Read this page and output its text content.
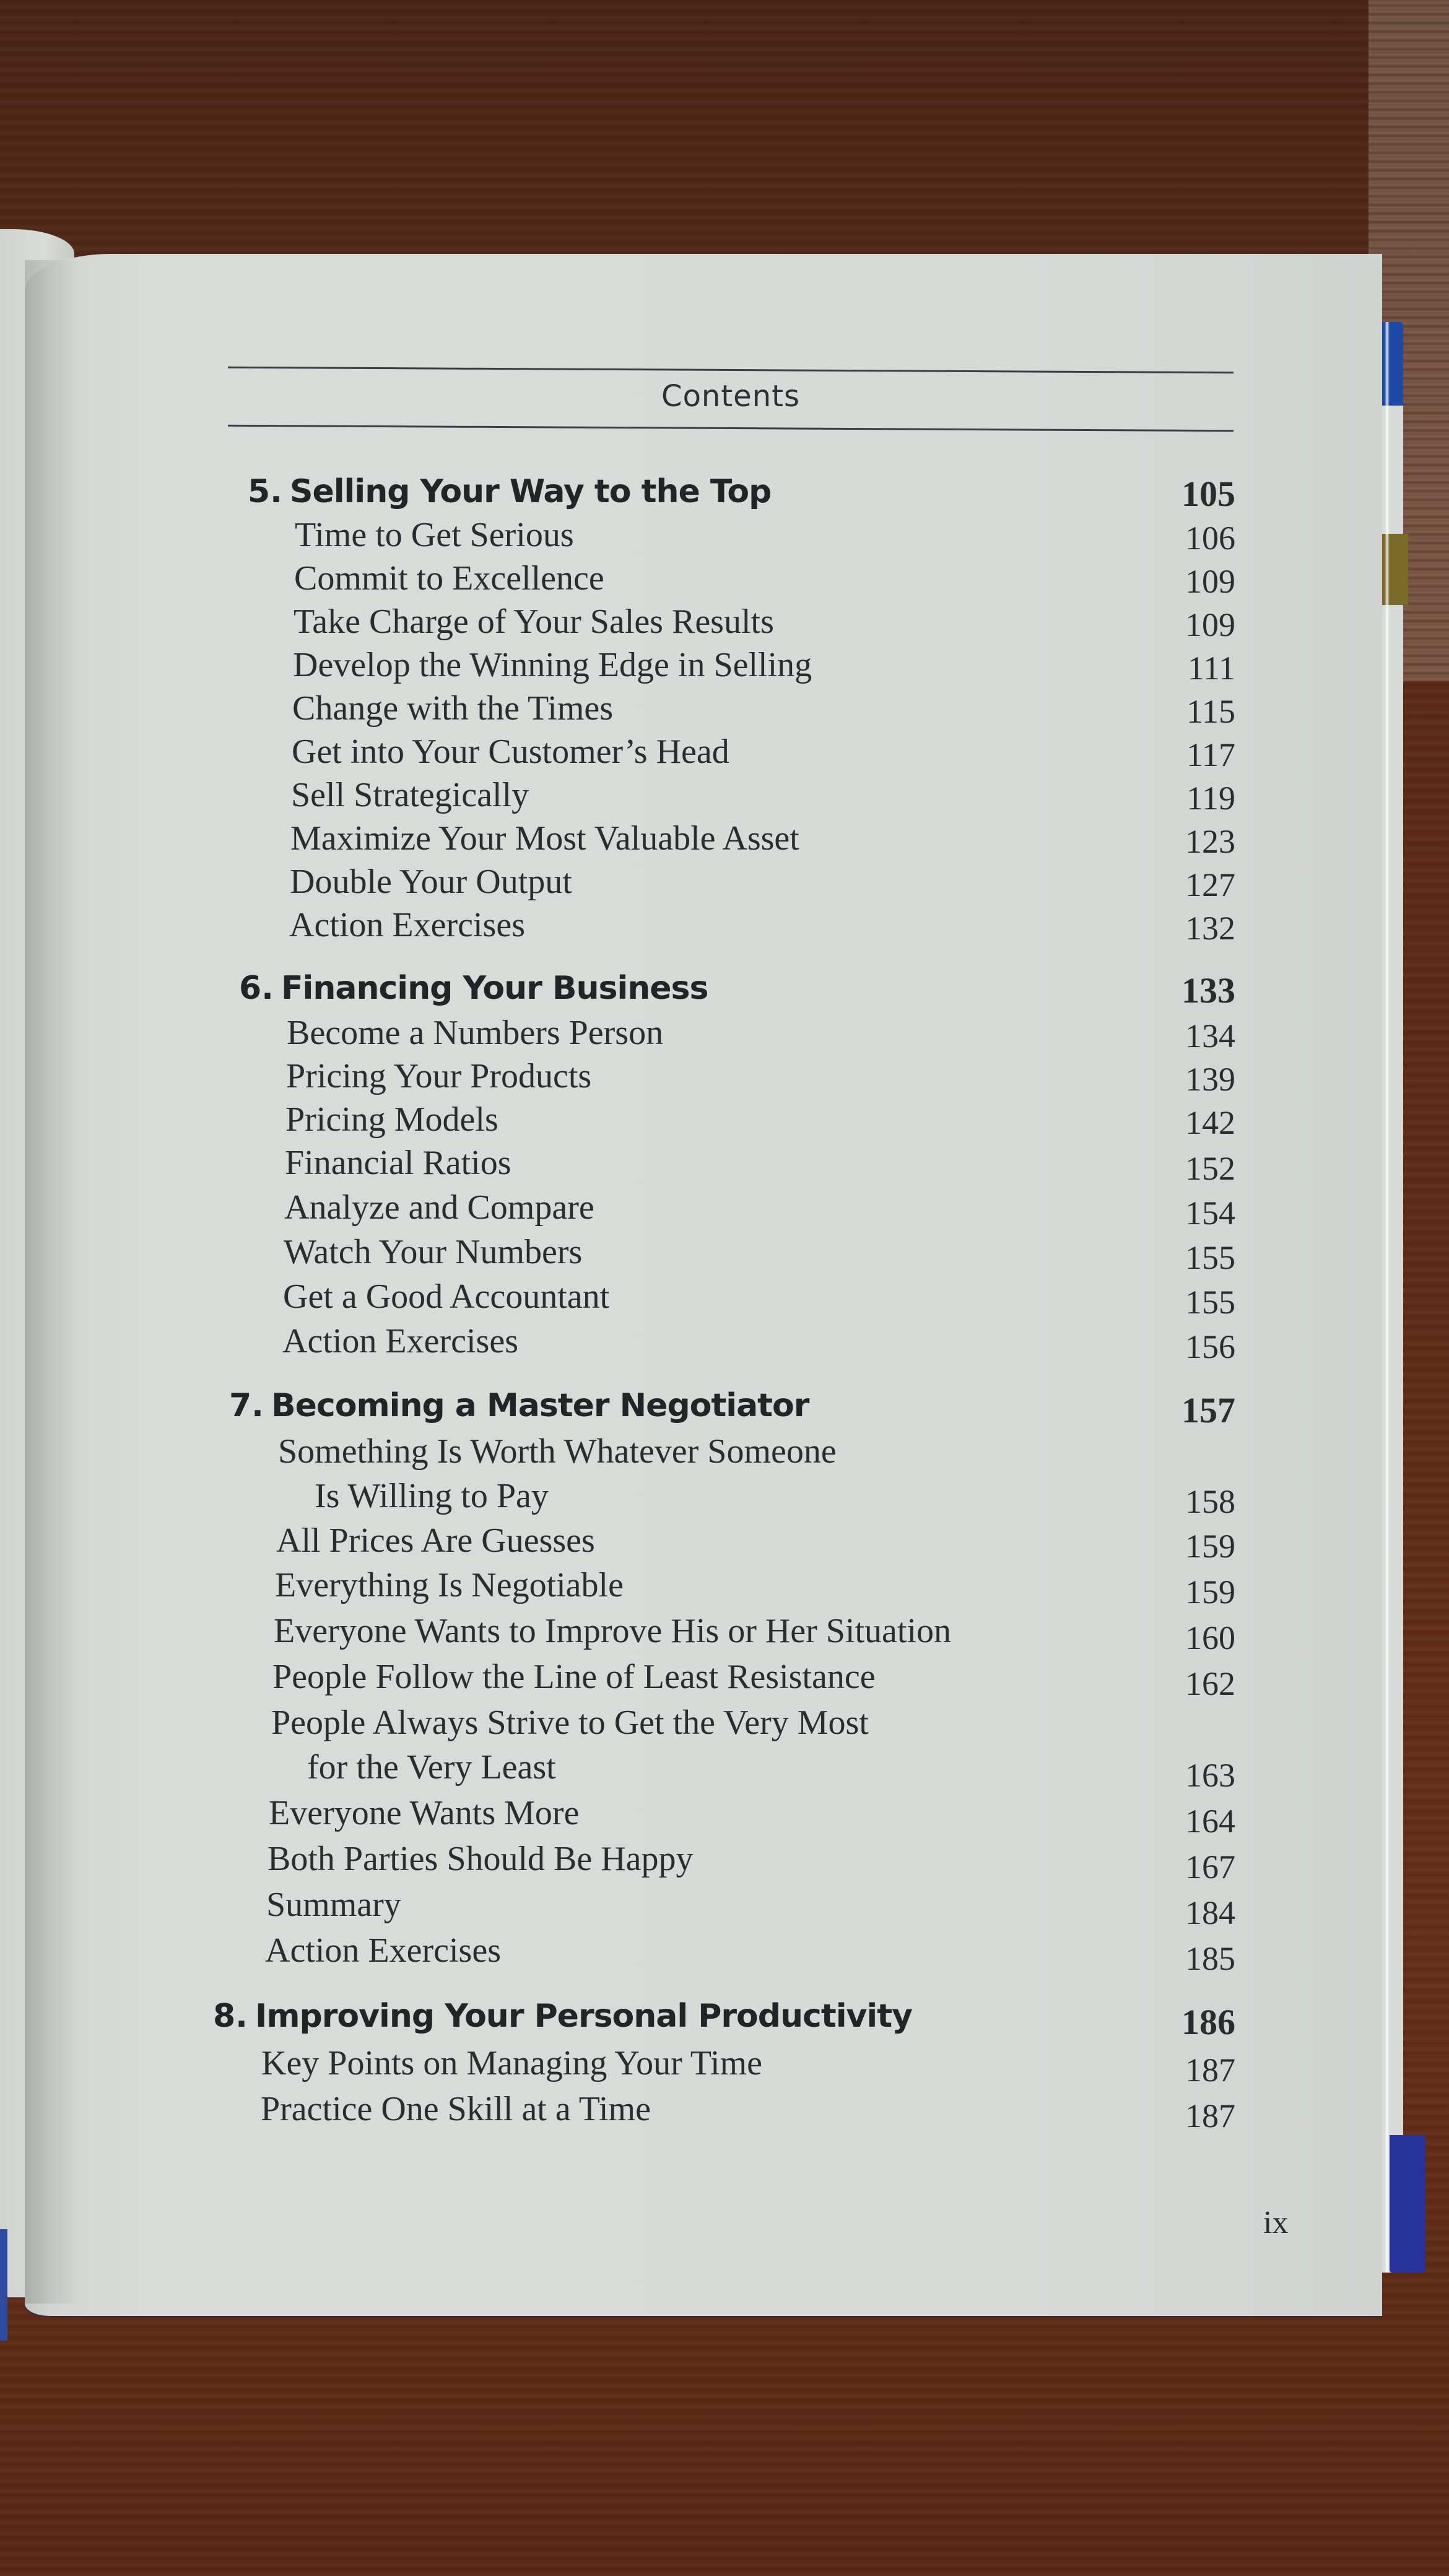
Contents
5. Selling Your Way to the Top	105
Time to Get Serious	106
Commit to Excellence	109
Take Charge of Your Sales Results	109
Develop the Winning Edge in Selling	111
Change with the Times	115
Get into Your Customer’s Head	117
Sell Strategically	119
Maximize Your Most Valuable Asset	123
Double Your Output	127
Action Exercises	132
6. Financing Your Business	133
Become a Numbers Person	134
Pricing Your Products	139
Pricing Models	142
Financial Ratios	152
Analyze and Compare	154
Watch Your Numbers	155
Get a Good Accountant	155
Action Exercises	156
7. Becoming a Master Negotiator	157
Something Is Worth Whatever Someone
Is Willing to Pay	158
All Prices Are Guesses	159
Everything Is Negotiable	159
Everyone Wants to Improve His or Her Situation	160
People Follow the Line of Least Resistance	162
People Always Strive to Get the Very Most
for the Very Least	163
Everyone Wants More	164
Both Parties Should Be Happy	167
Summary	184
Action Exercises	185
8. Improving Your Personal Productivity	186
Key Points on Managing Your Time	187
Practice One Skill at a Time	187
ix
